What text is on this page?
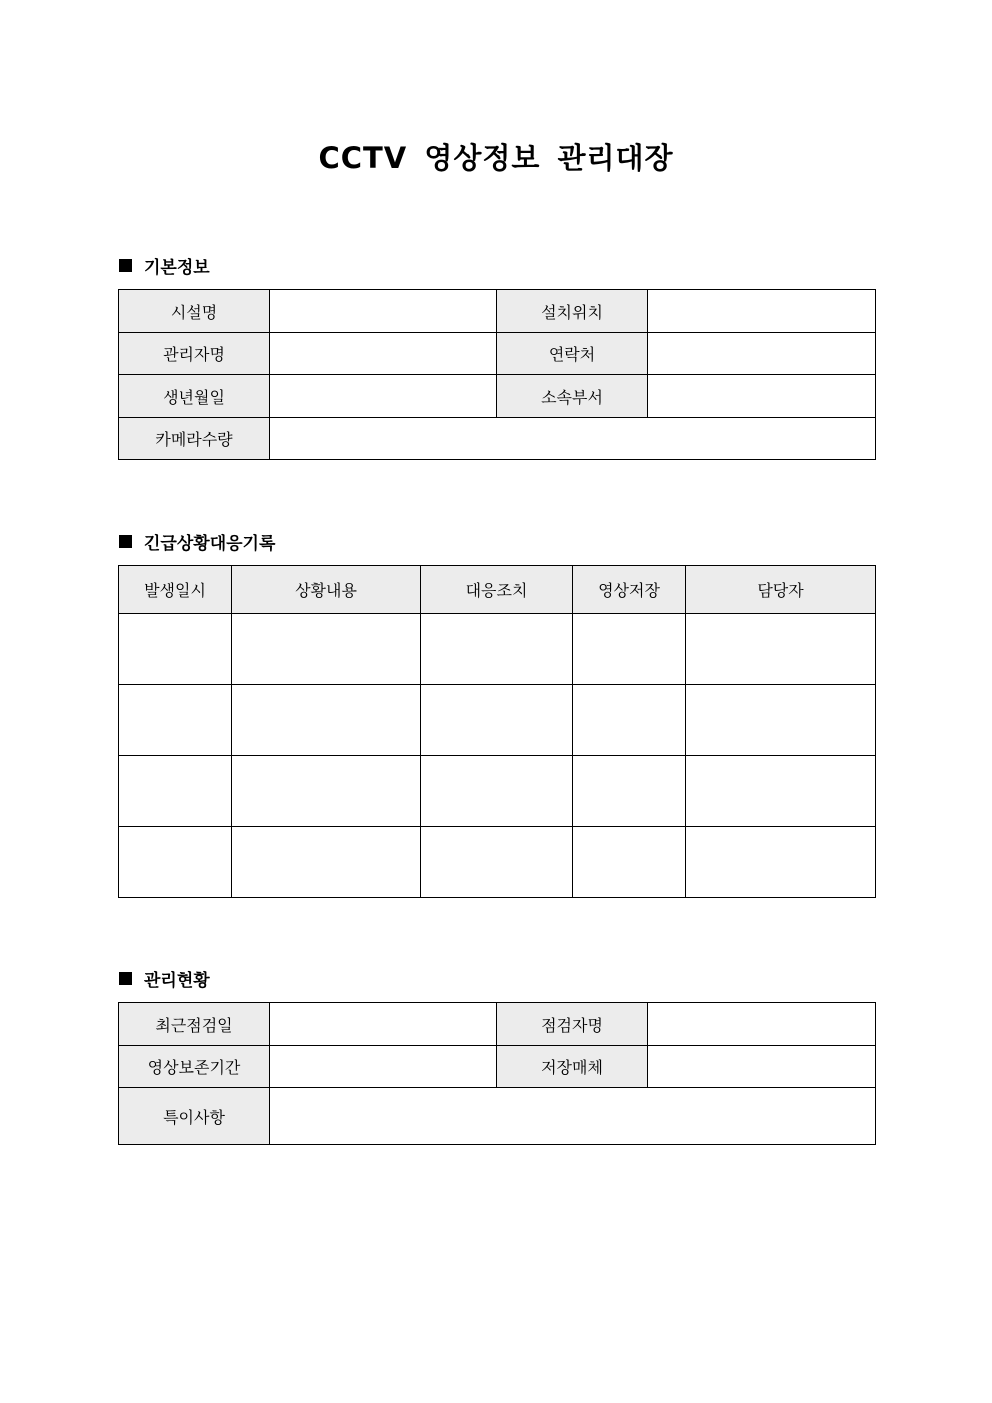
CCTV 영상정보 관리대장
기본정보
시설명		설치위치	
관리자명		연락처	
생년월일		소속부서	
카메라수량			
긴급상황대응기록
발생일시	상황내용	대응조치	영상저장	담당자

관리현황
최근점검일		점검자명	
영상보존기간		저장매체	
특이사항			
